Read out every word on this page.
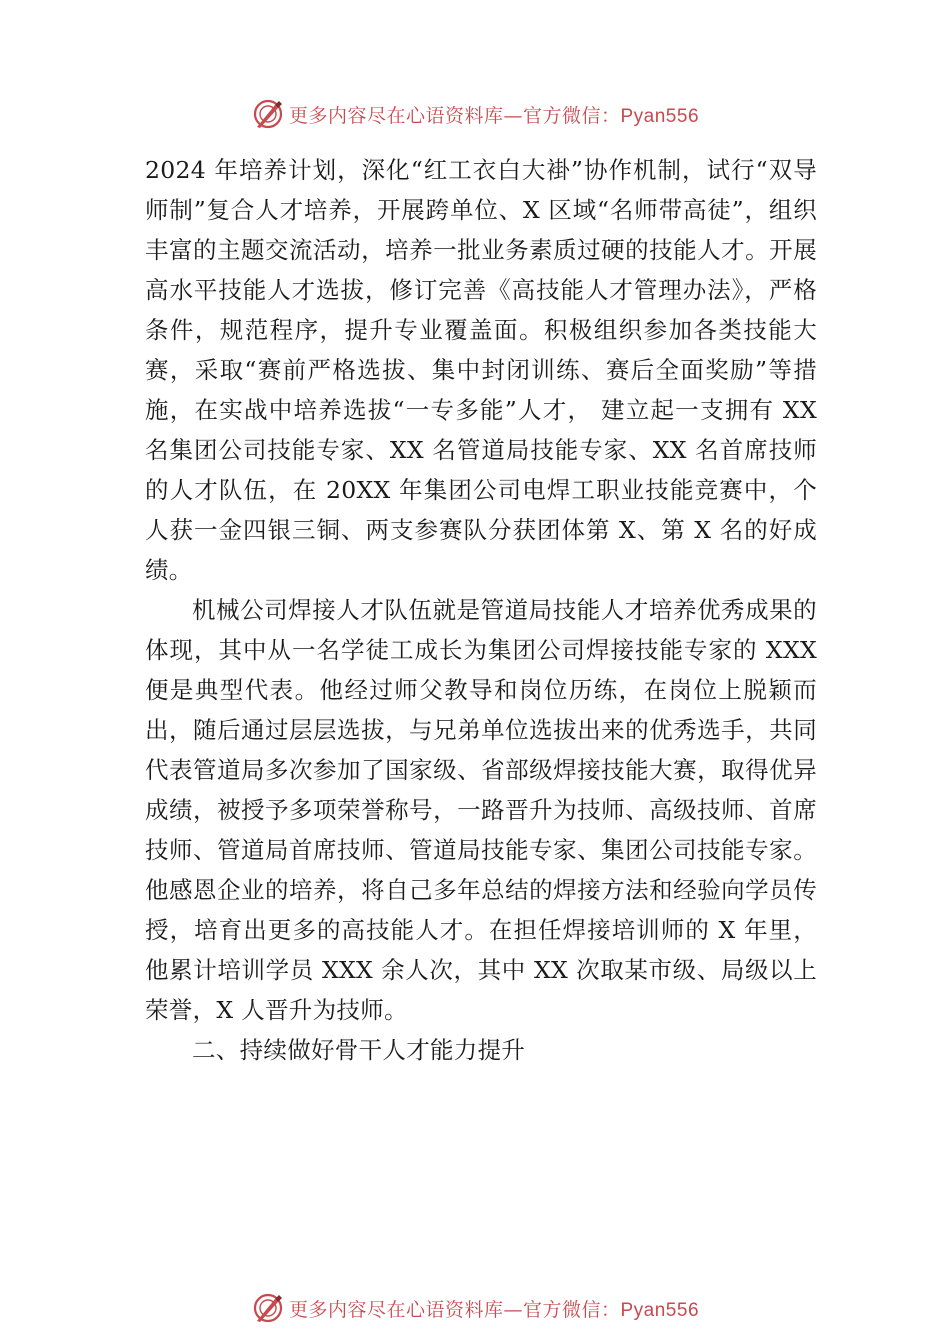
更多内容尽在心语资料库—官方微信：Pyan556

2024 年培养计划，深化“红工衣白大褂”协作机制，试行“双导师制”复合人才培养，开展跨单位、X 区域“名师带高徒”，组织丰富的主题交流活动，培养一批业务素质过硬的技能人才。开展高水平技能人才选拔，修订完善《高技能人才管理办法》，严格条件，规范程序，提升专业覆盖面。积极组织参加各类技能大赛，采取“赛前严格选拔、集中封闭训练、赛后全面奖励”等措施，在实战中培养选拔“一专多能”人才， 建立起一支拥有 XX 名集团公司技能专家、XX 名管道局技能专家、XX 名首席技师的人才队伍，在 20XX 年集团公司电焊工职业技能竞赛中，个人获一金四银三铜、两支参赛队分获团体第 X、第 X 名的好成绩。

机械公司焊接人才队伍就是管道局技能人才培养优秀成果的体现，其中从一名学徒工成长为集团公司焊接技能专家的 XXX 便是典型代表。他经过师父教导和岗位历练，在岗位上脱颖而出，随后通过层层选拔，与兄弟单位选拔出来的优秀选手，共同代表管道局多次参加了国家级、省部级焊接技能大赛，取得优异成绩，被授予多项荣誉称号，一路晋升为技师、高级技师、首席技师、管道局首席技师、管道局技能专家、集团公司技能专家。他感恩企业的培养，将自己多年总结的焊接方法和经验向学员传授，培育出更多的高技能人才。在担任焊接培训师的 X 年里，他累计培训学员 XXX 余人次，其中 XX 次取某市级、局级以上荣誉，X 人晋升为技师。

二、持续做好骨干人才能力提升

更多内容尽在心语资料库—官方微信：Pyan556
